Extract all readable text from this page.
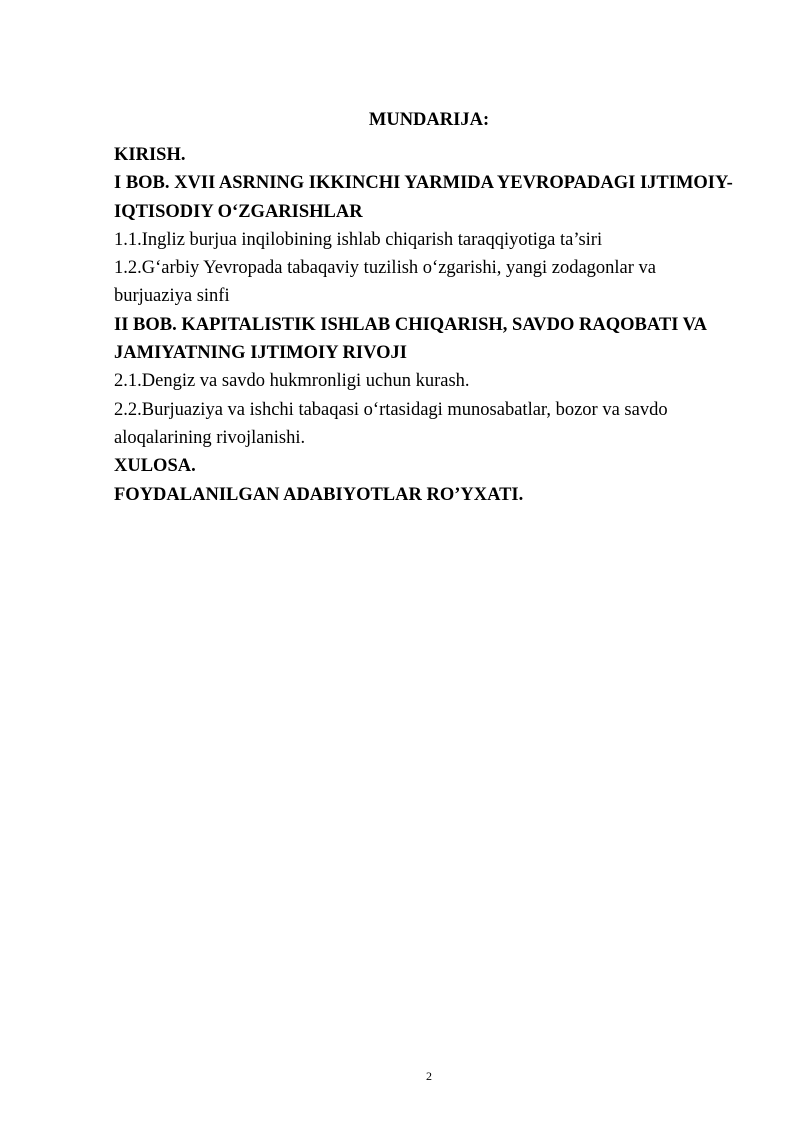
MUNDARIJA:

KIRISH.

I BOB. XVII ASRNING IKKINCHI YARMIDA YEVROPADAGI IJTIMOIY-IQTISODIY O‘ZGARISHLAR

1.1.Ingliz burjua inqilobining ishlab chiqarish taraqqiyotiga ta’siri

1.2.G‘arbiy Yevropada tabaqaviy tuzilish o‘zgarishi, yangi zodagonlar va burjuaziya sinfi

II BOB. KAPITALISTIK ISHLAB CHIQARISH, SAVDO RAQOBATI VA JAMIYATNING IJTIMOIY RIVOJI

2.1.Dengiz va savdo hukmronligi uchun kurash.

2.2.Burjuaziya va ishchi tabaqasi o‘rtasidagi munosabatlar, bozor va savdo aloqalarining rivojlanishi.

XULOSA.

FOYDALANILGAN ADABIYOTLAR RO’YXATI.

2
